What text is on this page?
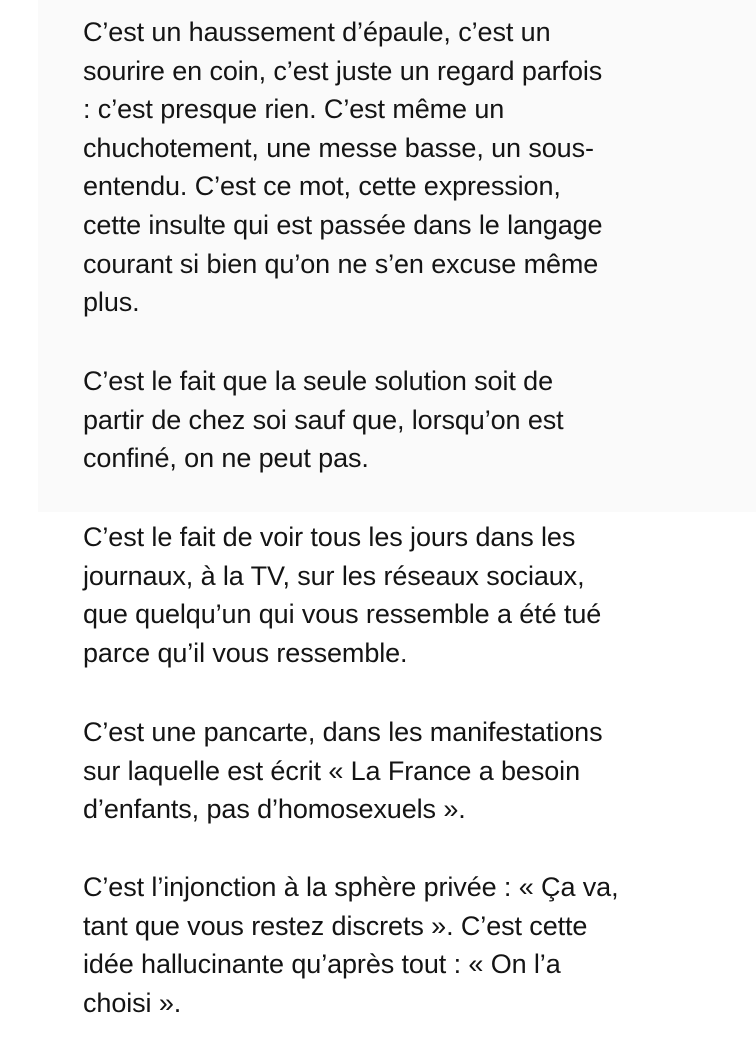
C’est un haussement d’épaule, c’est un
sourire en coin, c’est juste un regard parfois
: c’est presque rien. C’est même un
chuchotement, une messe basse, un sous-
entendu. C’est ce mot, cette expression,
cette insulte qui est passée dans le langage
courant si bien qu’on ne s’en excuse même
plus.

C’est le fait que la seule solution soit de
partir de chez soi sauf que, lorsqu’on est
confiné, on ne peut pas.

C’est le fait de voir tous les jours dans les
journaux, à la TV, sur les réseaux sociaux,
que quelqu’un qui vous ressemble a été tué
parce qu’il vous ressemble.

C’est une pancarte, dans les manifestations
sur laquelle est écrit « La France a besoin
d’enfants, pas d’homosexuels ».

C’est l’injonction à la sphère privée : « Ça va,
tant que vous restez discrets ». C’est cette
idée hallucinante qu’après tout : « On l’a
choisi ».
